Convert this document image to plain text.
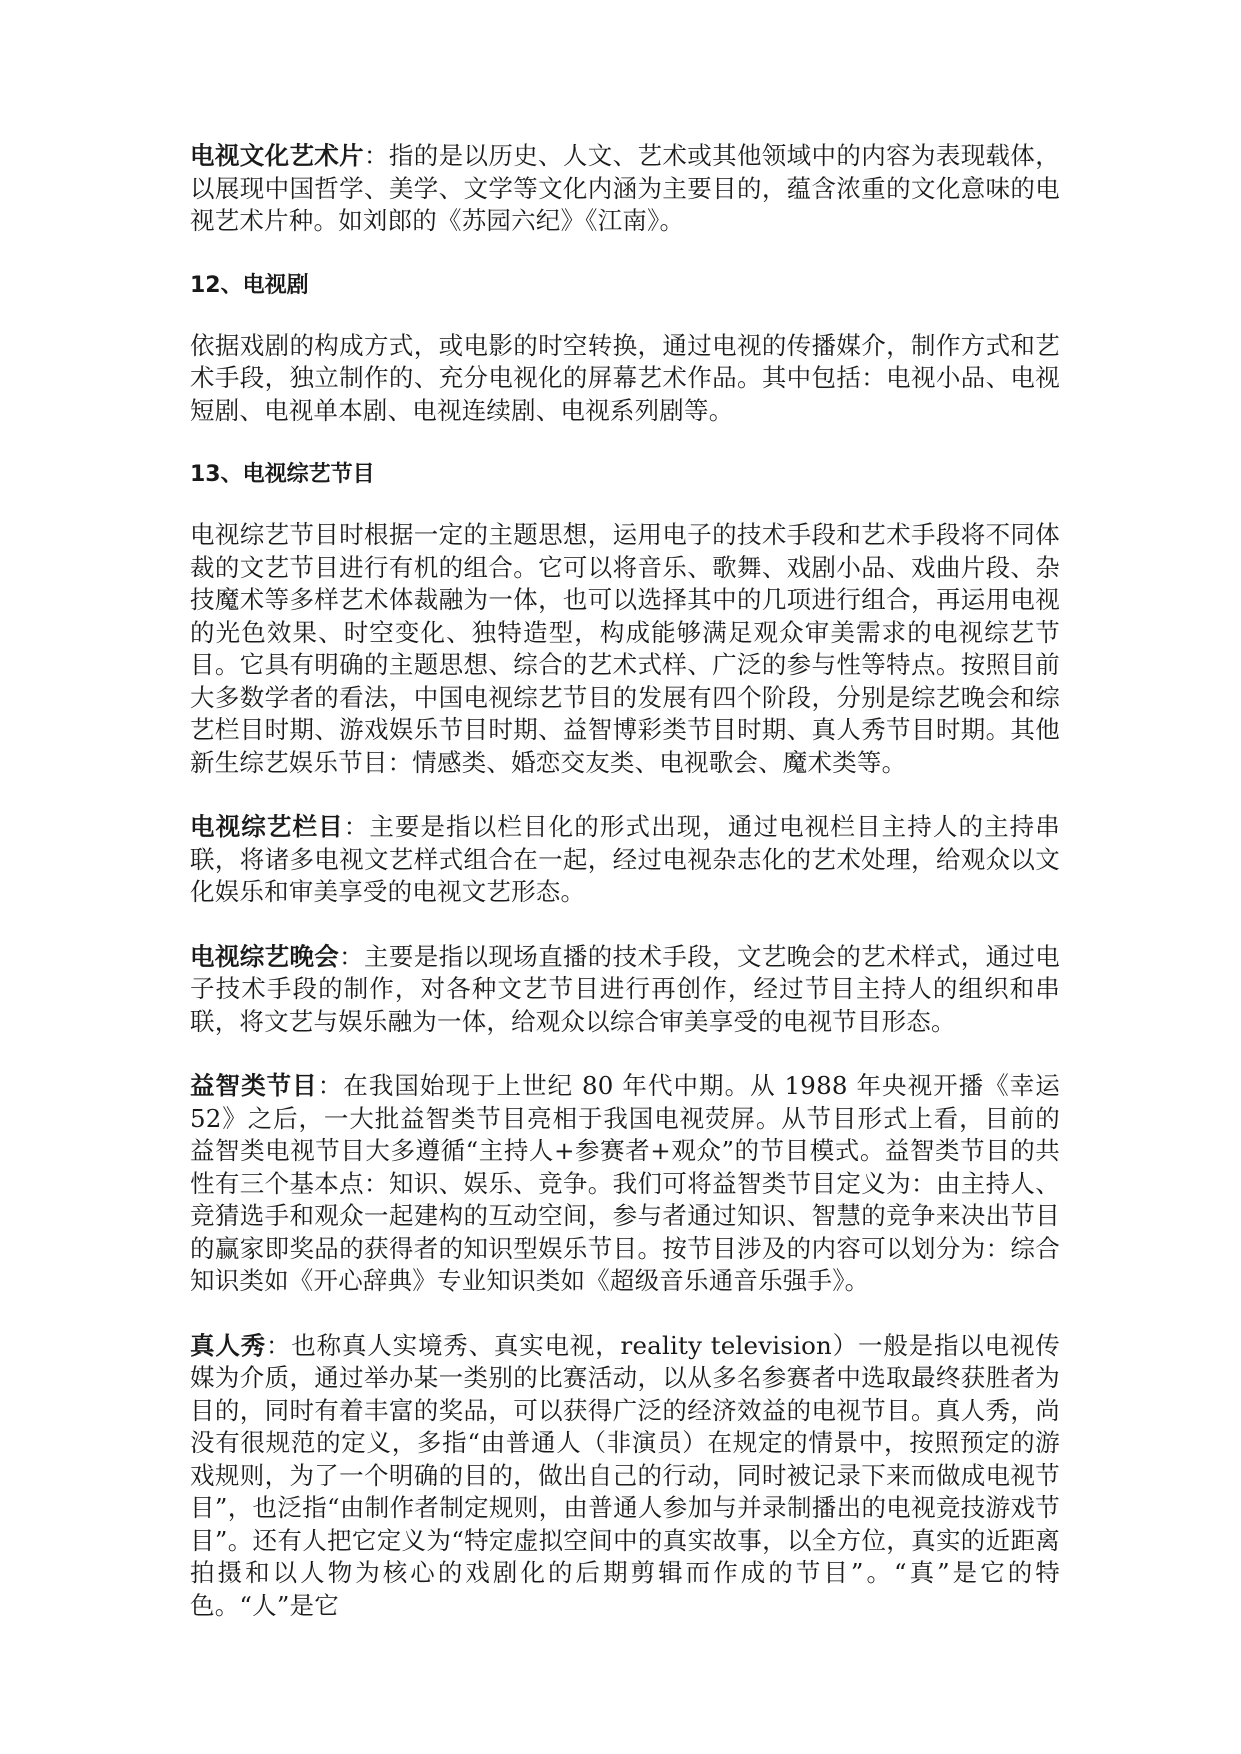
电视文化艺术片：指的是以历史、人文、艺术或其他领域中的内容为表现载体，以展现中国哲学、美学、文学等文化内涵为主要目的，蕴含浓重的文化意味的电视艺术片种。如刘郎的《苏园六纪》《江南》。

12、电视剧

依据戏剧的构成方式，或电影的时空转换，通过电视的传播媒介，制作方式和艺术手段，独立制作的、充分电视化的屏幕艺术作品。其中包括：电视小品、电视短剧、电视单本剧、电视连续剧、电视系列剧等。

13、电视综艺节目

电视综艺节目时根据一定的主题思想，运用电子的技术手段和艺术手段将不同体裁的文艺节目进行有机的组合。它可以将音乐、歌舞、戏剧小品、戏曲片段、杂技魔术等多样艺术体裁融为一体，也可以选择其中的几项进行组合，再运用电视的光色效果、时空变化、独特造型，构成能够满足观众审美需求的电视综艺节目。它具有明确的主题思想、综合的艺术式样、广泛的参与性等特点。按照目前大多数学者的看法，中国电视综艺节目的发展有四个阶段，分别是综艺晚会和综艺栏目时期、游戏娱乐节目时期、益智博彩类节目时期、真人秀节目时期。其他新生综艺娱乐节目：情感类、婚恋交友类、电视歌会、魔术类等。

电视综艺栏目：主要是指以栏目化的形式出现，通过电视栏目主持人的主持串联，将诸多电视文艺样式组合在一起，经过电视杂志化的艺术处理，给观众以文化娱乐和审美享受的电视文艺形态。

电视综艺晚会：主要是指以现场直播的技术手段，文艺晚会的艺术样式，通过电子技术手段的制作，对各种文艺节目进行再创作，经过节目主持人的组织和串联，将文艺与娱乐融为一体，给观众以综合审美享受的电视节目形态。

益智类节目：在我国始现于上世纪 80 年代中期。从 1988 年央视开播《幸运 52》之后，一大批益智类节目亮相于我国电视荧屏。从节目形式上看，目前的益智类电视节目大多遵循“主持人+参赛者+观众”的节目模式。益智类节目的共性有三个基本点：知识、娱乐、竞争。我们可将益智类节目定义为：由主持人、竞猜选手和观众一起建构的互动空间，参与者通过知识、智慧的竞争来决出节目的赢家即奖品的获得者的知识型娱乐节目。按节目涉及的内容可以划分为：综合知识类如《开心辞典》专业知识类如《超级音乐通音乐强手》。

真人秀：也称真人实境秀、真实电视，reality television）一般是指以电视传媒为介质，通过举办某一类别的比赛活动，以从多名参赛者中选取最终获胜者为目的，同时有着丰富的奖品，可以获得广泛的经济效益的电视节目。真人秀，尚没有很规范的定义，多指“由普通人（非演员）在规定的情景中，按照预定的游戏规则，为了一个明确的目的，做出自己的行动，同时被记录下来而做成电视节目”，也泛指“由制作者制定规则，由普通人参加与并录制播出的电视竞技游戏节目”。还有人把它定义为“特定虚拟空间中的真实故事，以全方位，真实的近距离拍摄和以人物为核心的戏剧化的后期剪辑而作成的节目”。“真”是它的特色。“人”是它
